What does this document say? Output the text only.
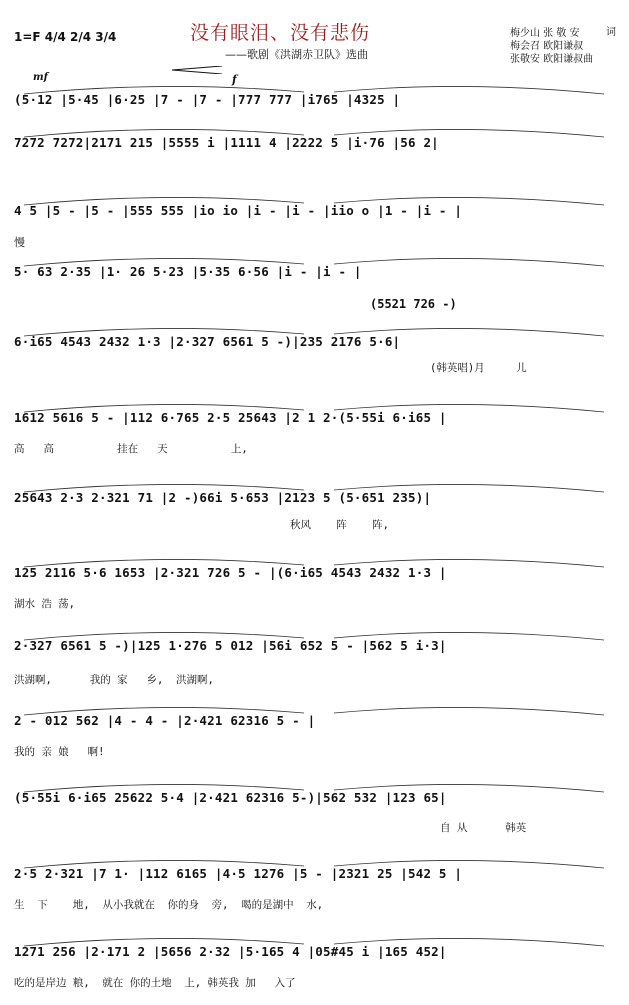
1=F 4/4 2/4 3/4	没有眼泪、没有悲伤
——歌剧《洪湖赤卫队》选曲
梅少山 张 敬 安
梅会召 欧阳谦叔
词
张敬安 欧阳谦叔曲
mf	f
慢
(5521 726 -)
(5·12 |5·45 |6·25 |7 - |7 - |777 777 |i765 |4325 |
7272 7272|2171 215 |5555 i |1111 4 |2222 5 |i·76 |56 2|
4 5 |5 - |5 - |555 555 |io io |i - |i - |iio o |1 - |i - |
5· 63 2·35 |1· 26 5·23 |5·35 6·56 |i - |i - |
6·i65 4543 2432 1·3 |2·327 6561 5 -)|235 2176 5·6|
(韩英唱)月     儿
1612 5616 5 - |112 6·765 2·5 25643 |2 1 2·(5·55i 6·i65 |
高   高          挂在   天          上,
25643 2·3 2·321 71 |2 -)66i 5·653 |2123 5 (5·651 235)|
秋风    阵    阵,
125 2116 5·6 1653 |2·321 726 5 - |(6·i65 4543 2432 1·3 |
湖水 浩 荡,
2·327 6561 5 -)|125 1·276 5 012 |56i 652 5 - |562 5 i·3|
洪湖啊,      我的 家   乡,  洪湖啊,
2 - 012 562 |4 - 4 - |2·421 62316 5 - |
我的 亲 娘   啊!
(5·55i 6·i65 25622 5·4 |2·421 62316 5-)|562 532 |123 65|
自 从      韩英
2·5 2·321 |7 1· |112 6165 |4·5 1276 |5 - |2321 25 |542 5 |
生  下    地,  从小我就在  你的身  旁,  喝的是湖中  水,
1271 256 |2·171 2 |5656 2·32 |5·165 4 |05#45 i |165 452|
吃的是岸边 粮,  就在 你的土地  上, 韩英我 加   入了
